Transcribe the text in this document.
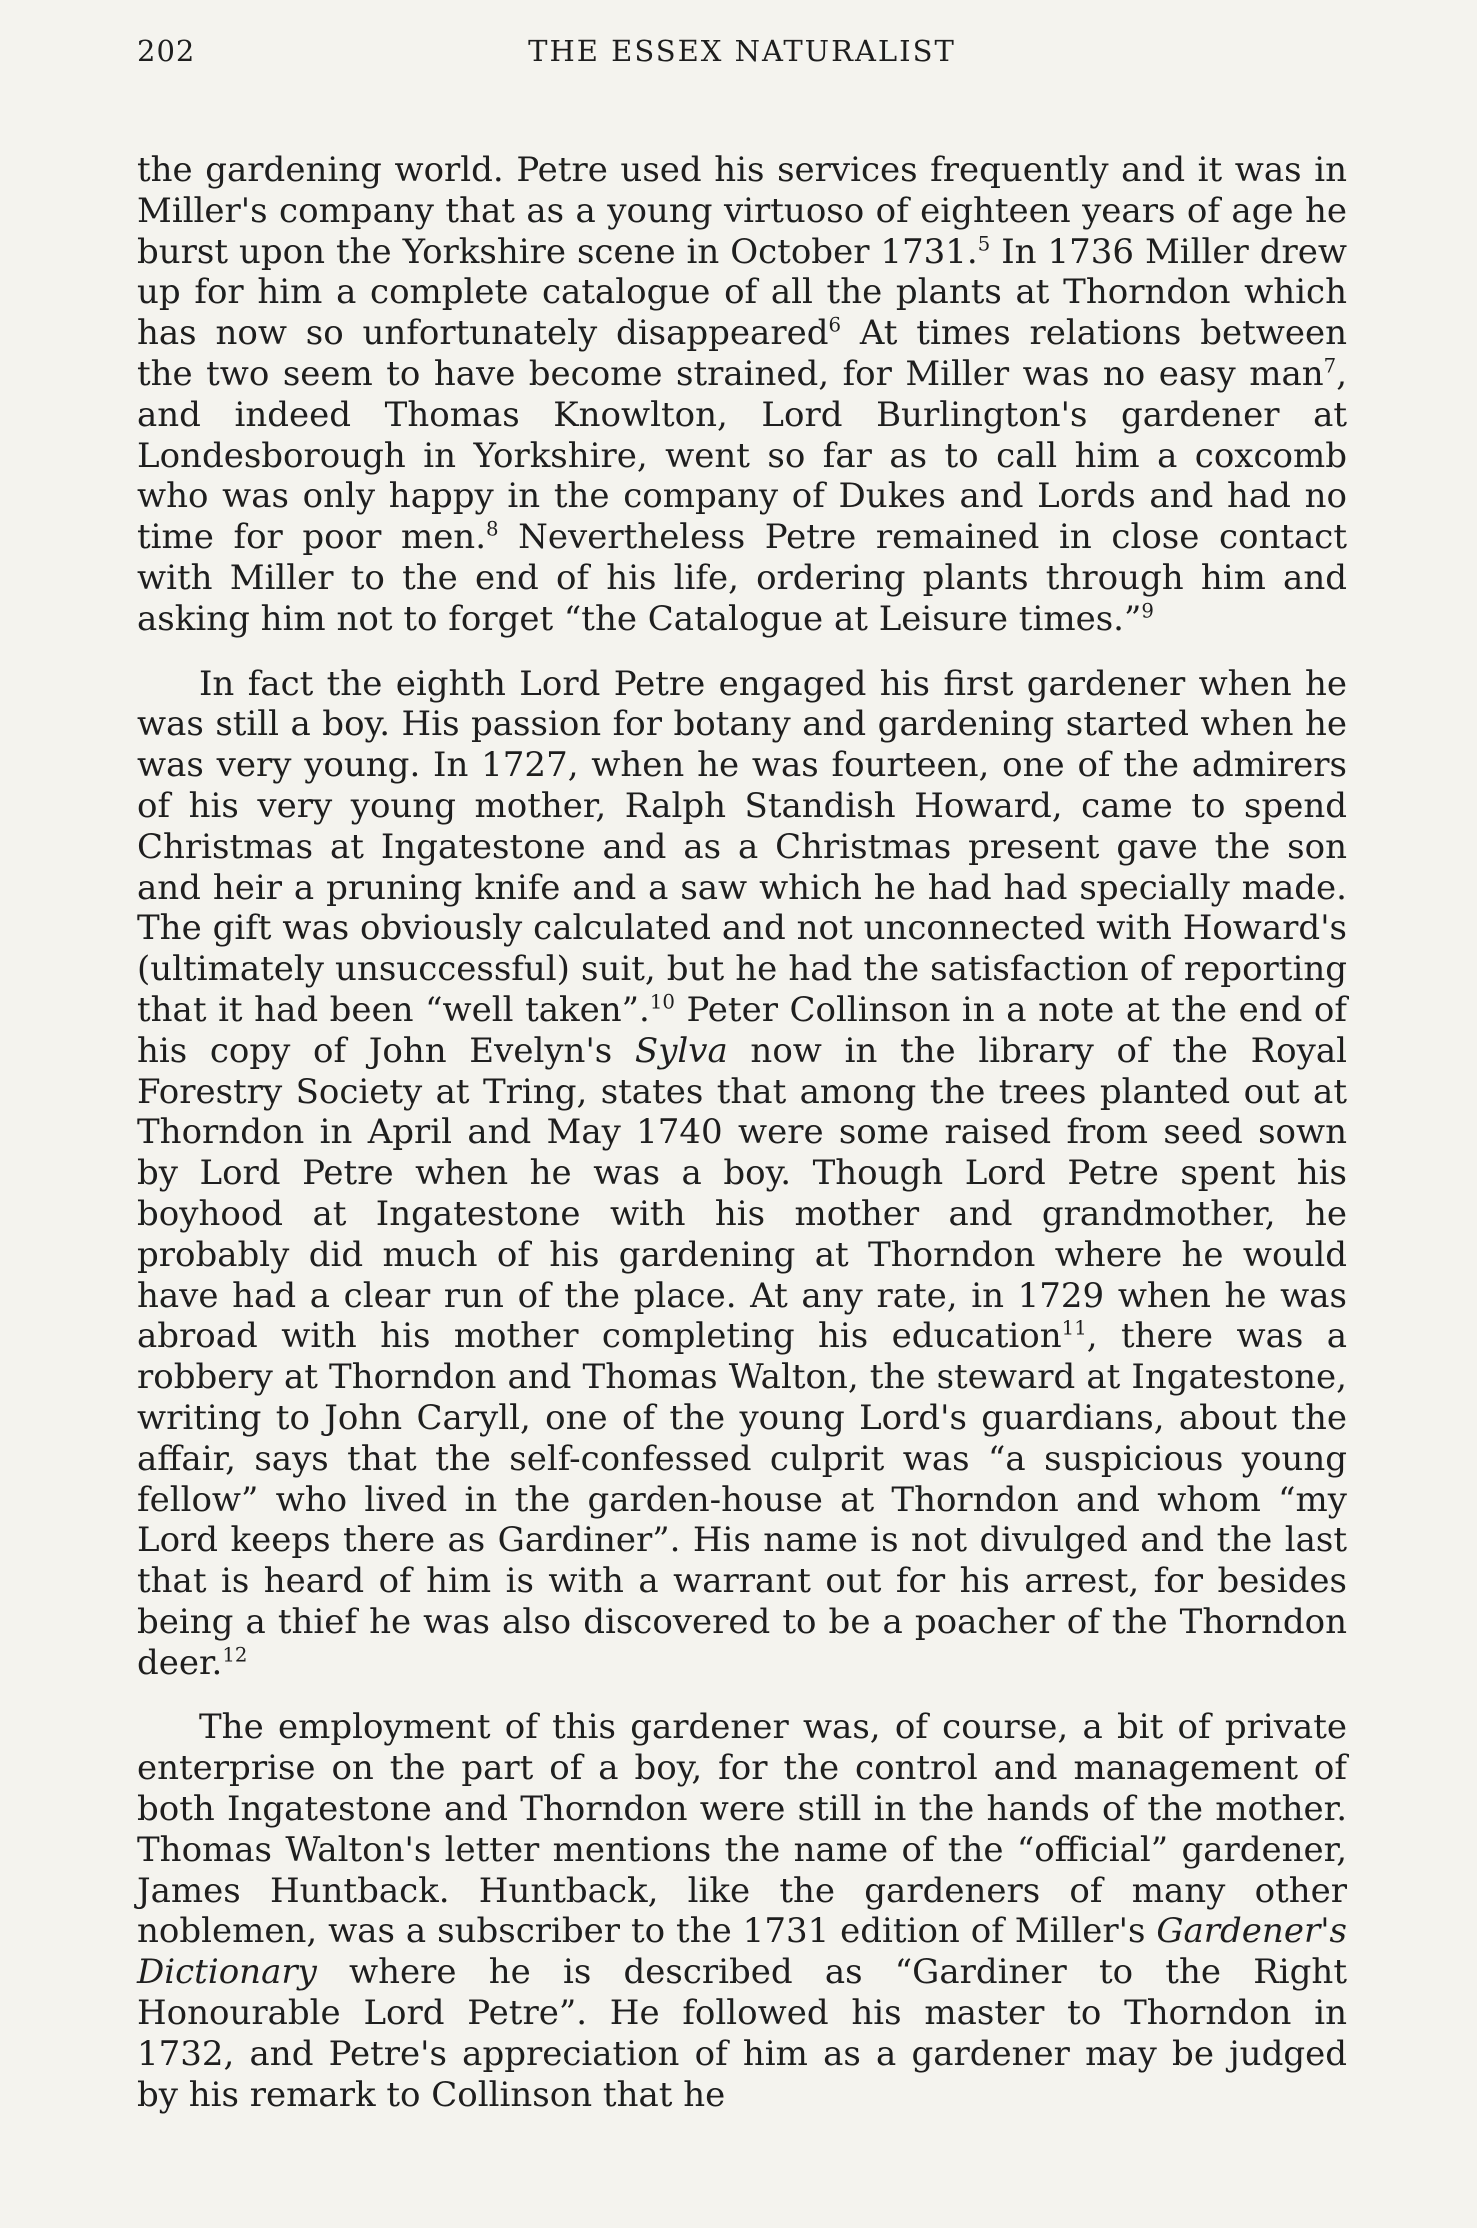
202	THE ESSEX NATURALIST

the gardening world. Petre used his services frequently and it was in Miller's company that as a young virtuoso of eighteen years of age he burst upon the Yorkshire scene in October 1731.$^5$ In 1736 Miller drew up for him a complete catalogue of all the plants at Thorndon which has now so unfortunately disappeared$^6$ At times relations between the two seem to have become strained, for Miller was no easy man$^7$, and indeed Thomas Knowlton, Lord Burlington's gardener at Londesborough in Yorkshire, went so far as to call him a coxcomb who was only happy in the company of Dukes and Lords and had no time for poor men.$^8$ Nevertheless Petre remained in close contact with Miller to the end of his life, ordering plants through him and asking him not to forget “the Catalogue at Leisure times.”$^9$

In fact the eighth Lord Petre engaged his first gardener when he was still a boy. His passion for botany and gardening started when he was very young. In 1727, when he was fourteen, one of the admirers of his very young mother, Ralph Standish Howard, came to spend Christmas at Ingatestone and as a Christmas present gave the son and heir a pruning knife and a saw which he had had specially made. The gift was obviously calculated and not unconnected with Howard's (ultimately unsuccessful) suit, but he had the satisfaction of reporting that it had been “well taken”.$^{10}$ Peter Collinson in a note at the end of his copy of John Evelyn's Sylva now in the library of the Royal Forestry Society at Tring, states that among the trees planted out at Thorndon in April and May 1740 were some raised from seed sown by Lord Petre when he was a boy. Though Lord Petre spent his boyhood at Ingatestone with his mother and grandmother, he probably did much of his gardening at Thorndon where he would have had a clear run of the place. At any rate, in 1729 when he was abroad with his mother completing his education$^{11}$, there was a robbery at Thorndon and Thomas Walton, the steward at Ingatestone, writing to John Caryll, one of the young Lord's guardians, about the affair, says that the self-confessed culprit was “a suspicious young fellow” who lived in the garden-house at Thorndon and whom “my Lord keeps there as Gardiner”. His name is not divulged and the last that is heard of him is with a warrant out for his arrest, for besides being a thief he was also discovered to be a poacher of the Thorndon deer.$^{12}$

The employment of this gardener was, of course, a bit of private enterprise on the part of a boy, for the control and management of both Ingatestone and Thorndon were still in the hands of the mother. Thomas Walton's letter mentions the name of the “official” gardener, James Huntback. Huntback, like the gardeners of many other noblemen, was a subscriber to the 1731 edition of Miller's Gardener's Dictionary where he is described as “Gardiner to the Right Honourable Lord Petre”. He followed his master to Thorndon in 1732, and Petre's appreciation of him as a gardener may be judged by his remark to Collinson that he
